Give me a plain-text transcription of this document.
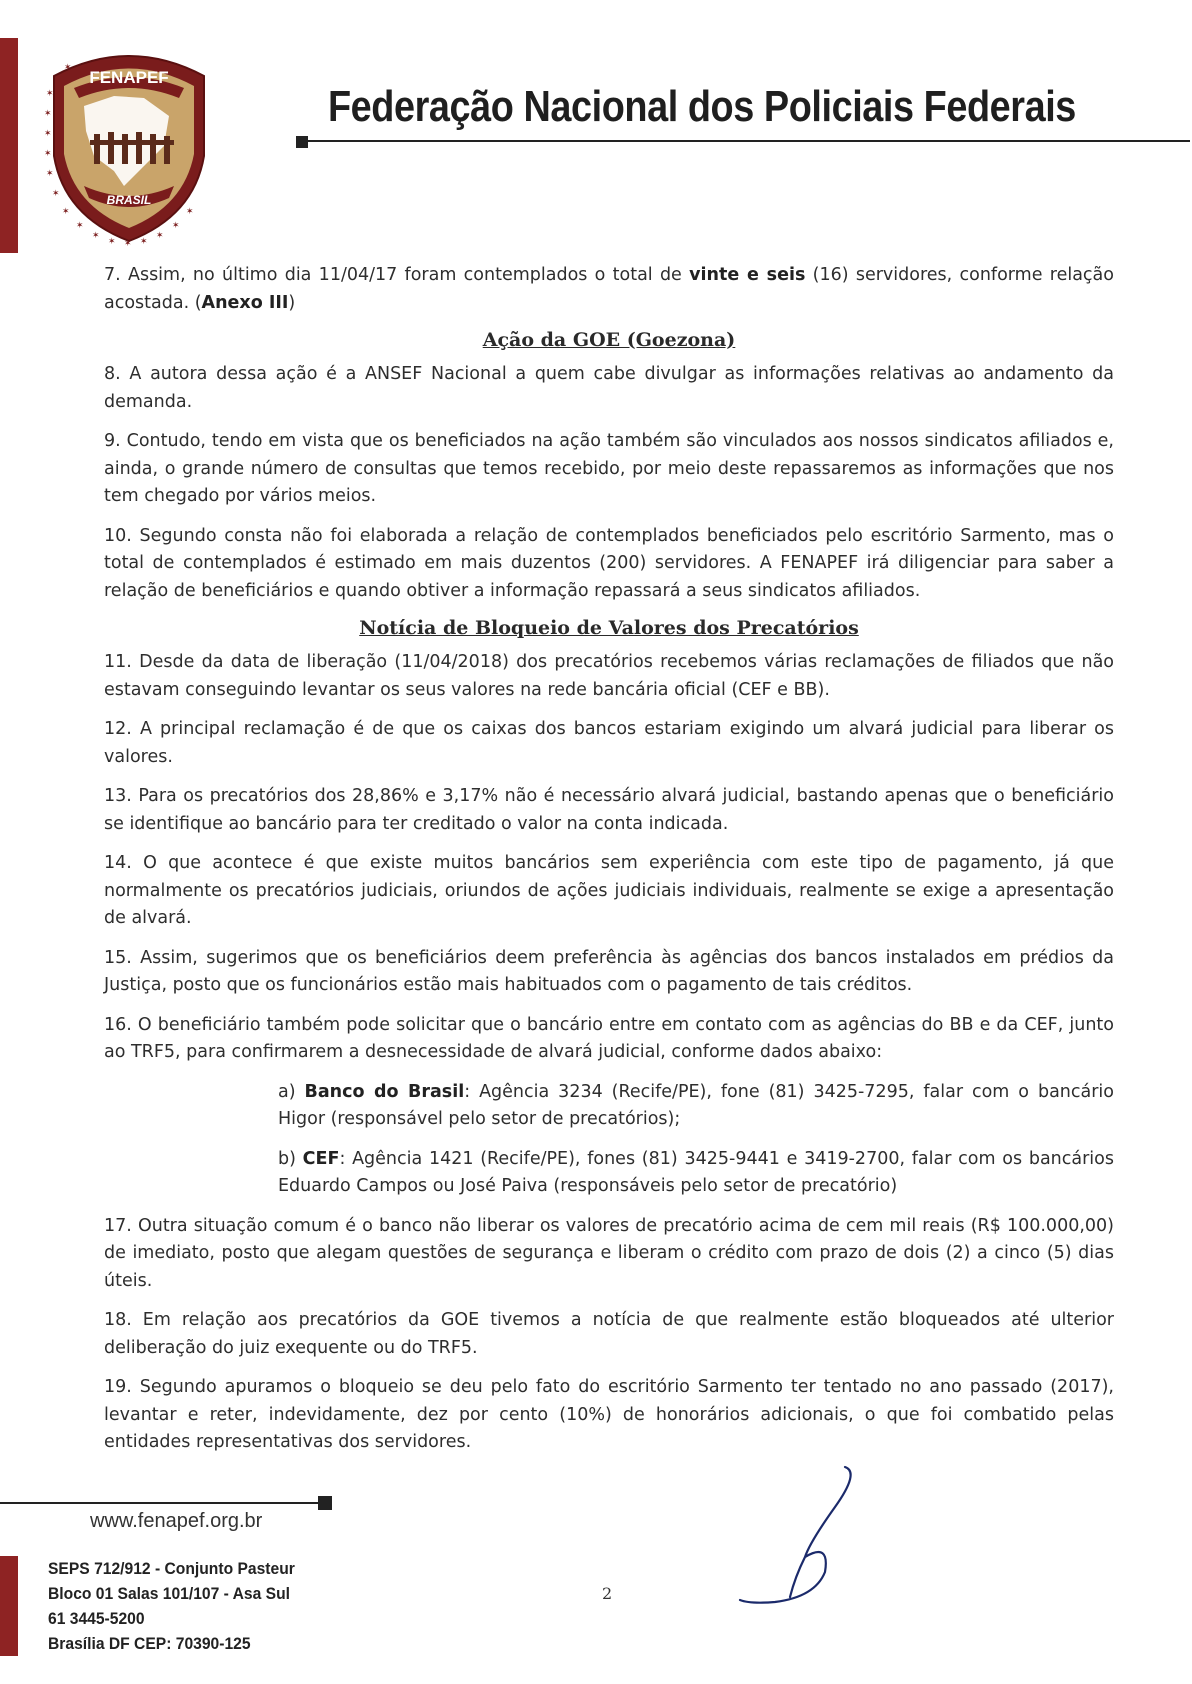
FENAPEF
BRASIL
✶
✶
✶
✶
✶
✶
✶
✶
✶
✶ ✶ ✶
✶
✶
✶
✶
Federação Nacional dos Policiais Federais

7. Assim, no último dia 11/04/17 foram contemplados o total de vinte e seis (16) servidores, conforme relação acostada. (Anexo III)

Ação da GOE (Goezona)

8. A autora dessa ação é a ANSEF Nacional a quem cabe divulgar as informações relativas ao andamento da demanda.

9. Contudo, tendo em vista que os beneficiados na ação também são vinculados aos nossos sindicatos afiliados e, ainda, o grande número de consultas que temos recebido, por meio deste repassaremos as informações que nos tem chegado por vários meios.

10. Segundo consta não foi elaborada a relação de contemplados beneficiados pelo escritório Sarmento, mas o total de contemplados é estimado em mais duzentos (200) servidores. A FENAPEF irá diligenciar para saber a relação de beneficiários e quando obtiver a informação repassará a seus sindicatos afiliados.

Notícia de Bloqueio de Valores dos Precatórios

11. Desde da data de liberação (11/04/2018) dos precatórios recebemos várias reclamações de filiados que não estavam conseguindo levantar os seus valores na rede bancária oficial (CEF e BB).

12. A principal reclamação é de que os caixas dos bancos estariam exigindo um alvará judicial para liberar os valores.

13. Para os precatórios dos 28,86% e 3,17% não é necessário alvará judicial, bastando apenas que o beneficiário se identifique ao bancário para ter creditado o valor na conta indicada.

14. O que acontece é que existe muitos bancários sem experiência com este tipo de pagamento, já que normalmente os precatórios judiciais, oriundos de ações judiciais individuais, realmente se exige a apresentação de alvará.

15. Assim, sugerimos que os beneficiários deem preferência às agências dos bancos instalados em prédios da Justiça, posto que os funcionários estão mais habituados com o pagamento de tais créditos.

16. O beneficiário também pode solicitar que o bancário entre em contato com as agências do BB e da CEF, junto ao TRF5, para confirmarem a desnecessidade de alvará judicial, conforme dados abaixo:

a) Banco do Brasil: Agência 3234 (Recife/PE), fone (81) 3425-7295, falar com o bancário Higor (responsável pelo setor de precatórios);

b) CEF: Agência 1421 (Recife/PE), fones (81) 3425-9441 e 3419-2700, falar com os bancários Eduardo Campos ou José Paiva (responsáveis pelo setor de precatório)

17. Outra situação comum é o banco não liberar os valores de precatório acima de cem mil reais (R$ 100.000,00) de imediato, posto que alegam questões de segurança e liberam o crédito com prazo de dois (2) a cinco (5) dias úteis.

18. Em relação aos precatórios da GOE tivemos a notícia de que realmente estão bloqueados até ulterior deliberação do juiz exequente ou do TRF5.

19. Segundo apuramos o bloqueio se deu pelo fato do escritório Sarmento ter tentado no ano passado (2017), levantar e reter, indevidamente, dez por cento (10%) de honorários adicionais, o que foi combatido pelas entidades representativas dos servidores.

www.fenapef.org.br
SEPS 712/912 - Conjunto Pasteur
Bloco 01 Salas 101/107 - Asa Sul
61 3445-5200
Brasília DF CEP: 70390-125
2
